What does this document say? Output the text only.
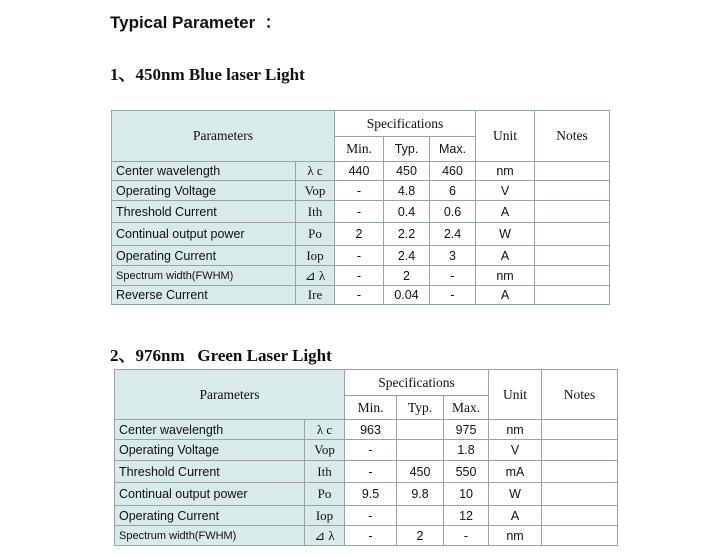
Typical Parameter  ：
1、450nm Blue laser Light
Parameters		Specifications			Unit	Notes
		Min.	Typ.	Max.		
Center wavelength	λ c	440	450	460	nm	
Operating Voltage	Vop	-	4.8	6	V	
Threshold Current	Ith	-	0.4	0.6	A	
Continual output power	Po	2	2.2	2.4	W	
Operating Current	Iop	-	2.4	3	A	
Spectrum width(FWHM)	⊿ λ	-	2	-	nm	
Reverse Current	Ire	-	0.04	-	A	
2、976nm   Green Laser Light
Parameters		Specifications			Unit	Notes
		Min.	Typ.	Max.		
Center wavelength	λ c	963		975	nm	
Operating Voltage	Vop	-		1.8	V	
Threshold Current	Ith	-	450	550	mA	
Continual output power	Po	9.5	9.8	10	W	
Operating Current	Iop	-		12	A	
Spectrum width(FWHM)	⊿ λ	-	2	-	nm	
